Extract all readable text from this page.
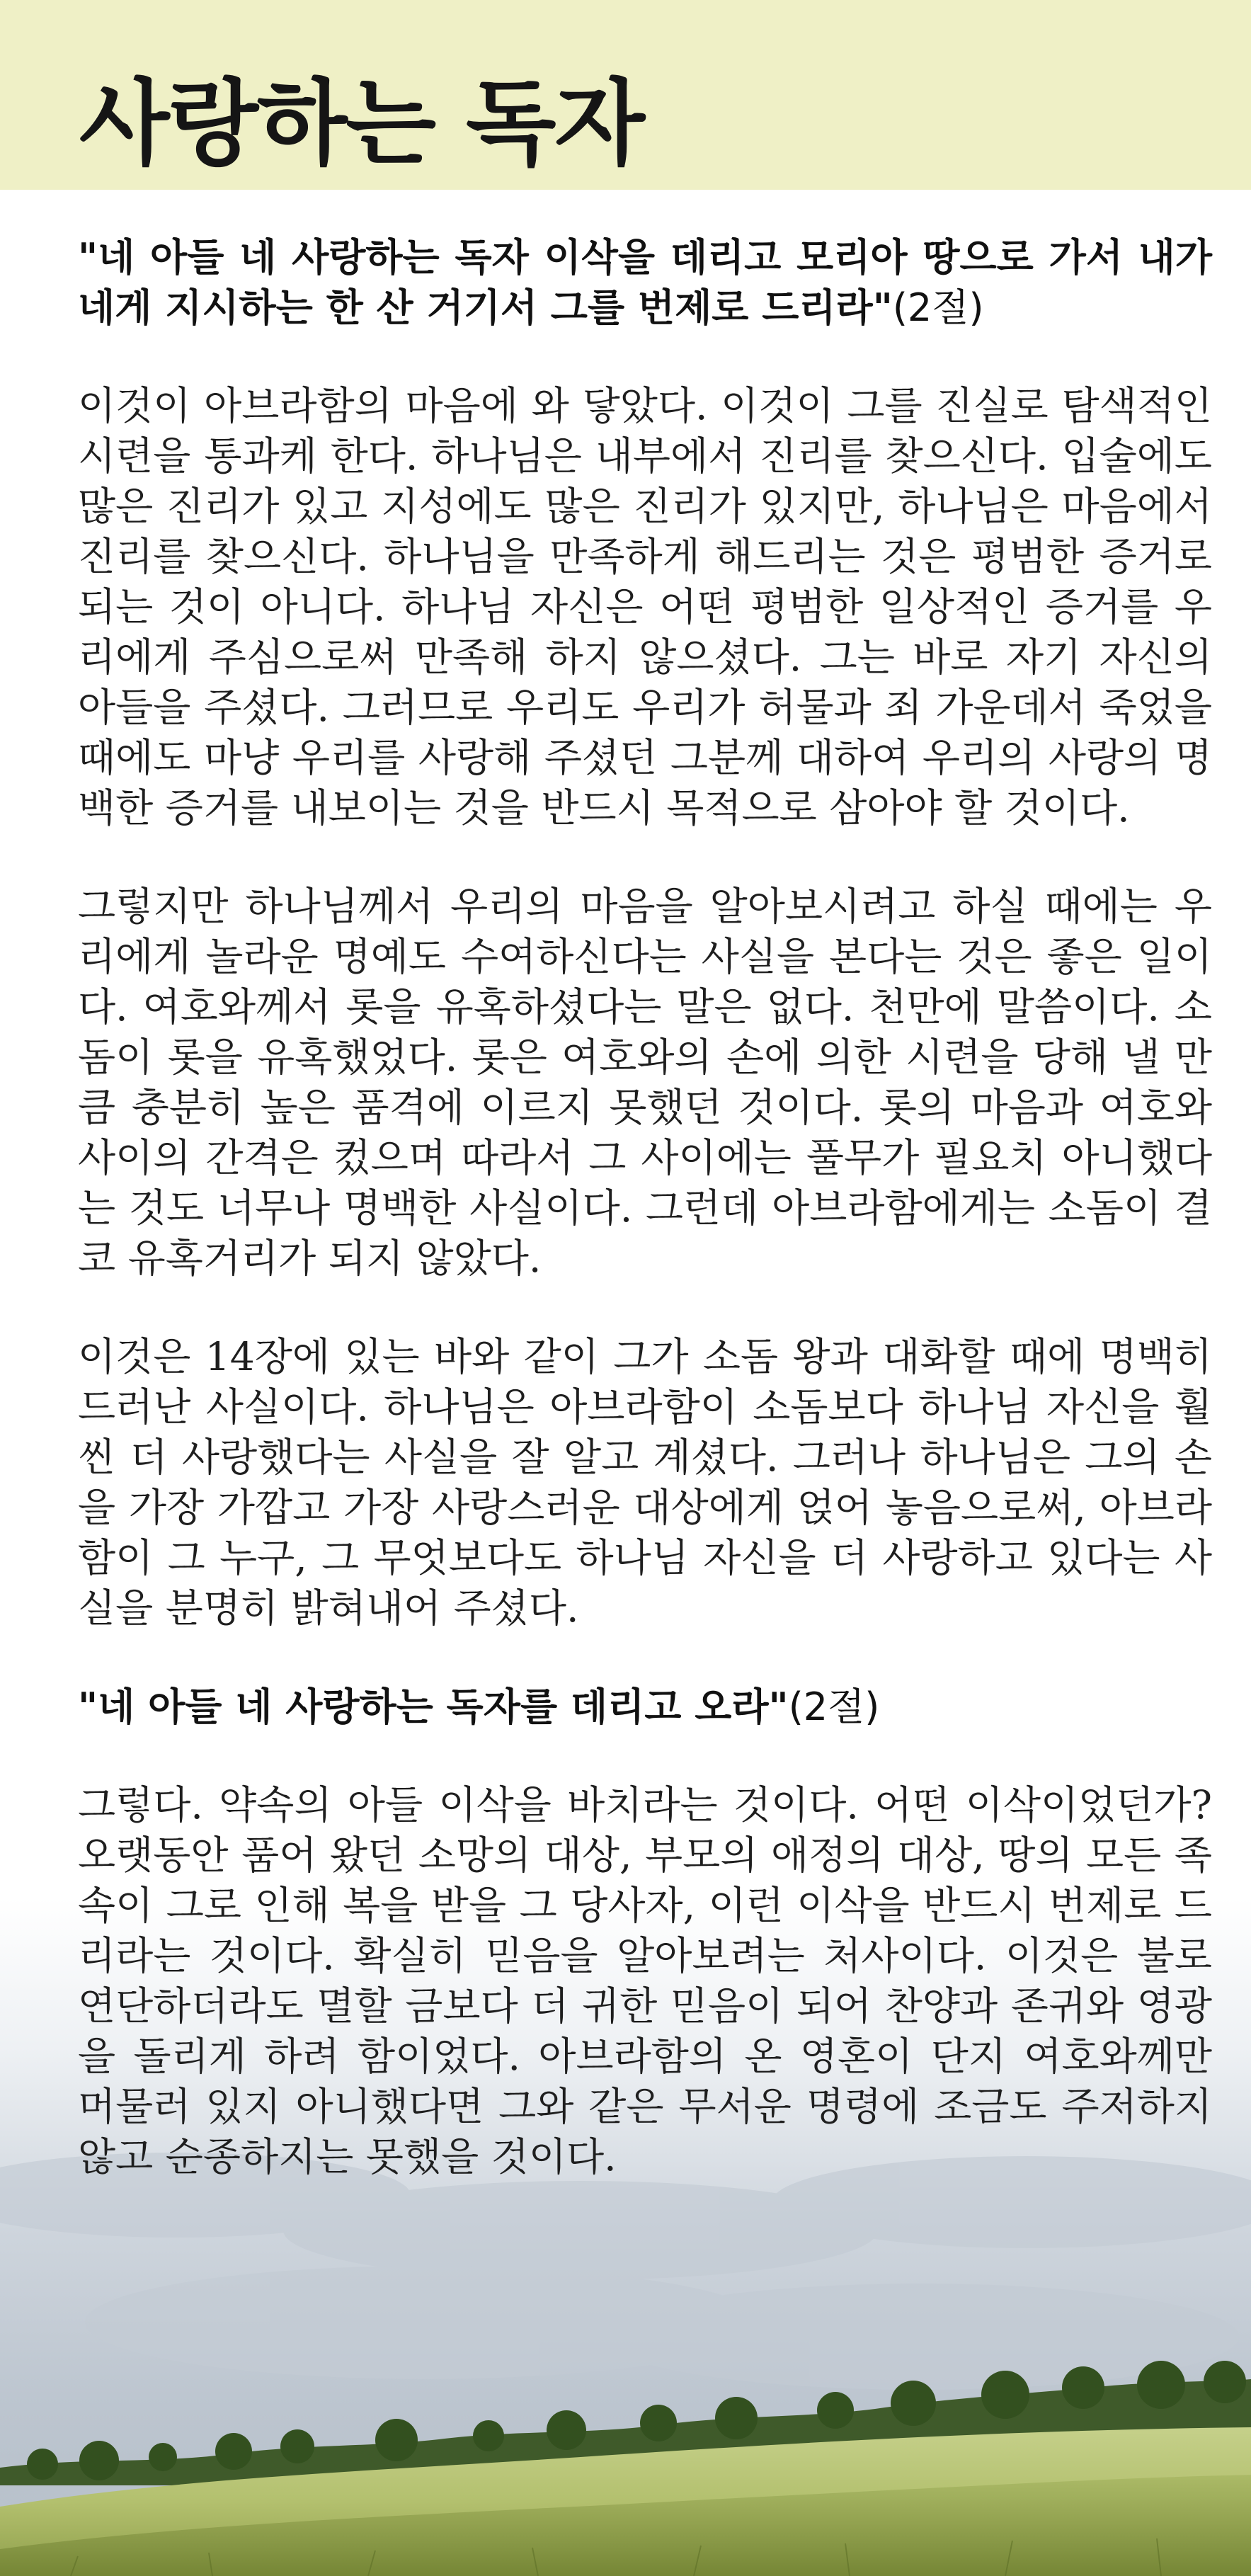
사랑하는 독자

"네 아들 네 사랑하는 독자 이삭을 데리고 모리아 땅으로 가서 내가 네게 지시하는 한 산 거기서 그를 번제로 드리라"(2절)

이것이 아브라함의 마음에 와 닿았다. 이것이 그를 진실로 탐색적인 시련을 통과케 한다. 하나님은 내부에서 진리를 찾으신다. 입술에도 많은 진리가 있고 지성에도 많은 진리가 있지만, 하나님은 마음에서 진리를 찾으신다. 하나님을 만족하게 해드리는 것은 평범한 증거로 되는 것이 아니다. 하나님 자신은 어떤 평범한 일상적인 증거를 우리에게 주심으로써 만족해 하지 않으셨다. 그는 바로 자기 자신의 아들을 주셨다. 그러므로 우리도 우리가 허물과 죄 가운데서 죽었을 때에도 마냥 우리를 사랑해 주셨던 그분께 대하여 우리의 사랑의 명백한 증거를 내보이는 것을 반드시 목적으로 삼아야 할 것이다.

그렇지만 하나님께서 우리의 마음을 알아보시려고 하실 때에는 우리에게 놀라운 명예도 수여하신다는 사실을 본다는 것은 좋은 일이다. 여호와께서 롯을 유혹하셨다는 말은 없다. 천만에 말씀이다. 소돔이 롯을 유혹했었다. 롯은 여호와의 손에 의한 시련을 당해 낼 만큼 충분히 높은 품격에 이르지 못했던 것이다. 롯의 마음과 여호와 사이의 간격은 컸으며 따라서 그 사이에는 풀무가 필요치 아니했다는 것도 너무나 명백한 사실이다. 그런데 아브라함에게는 소돔이 결코 유혹거리가 되지 않았다.

이것은 14장에 있는 바와 같이 그가 소돔 왕과 대화할 때에 명백히 드러난 사실이다. 하나님은 아브라함이 소돔보다 하나님 자신을 훨씬 더 사랑했다는 사실을 잘 알고 계셨다. 그러나 하나님은 그의 손을 가장 가깝고 가장 사랑스러운 대상에게 얹어 놓음으로써, 아브라함이 그 누구, 그 무엇보다도 하나님 자신을 더 사랑하고 있다는 사실을 분명히 밝혀내어 주셨다.

"네 아들 네 사랑하는 독자를 데리고 오라"(2절)

그렇다. 약속의 아들 이삭을 바치라는 것이다. 어떤 이삭이었던가? 오랫동안 품어 왔던 소망의 대상, 부모의 애정의 대상, 땅의 모든 족속이 그로 인해 복을 받을 그 당사자, 이런 이삭을 반드시 번제로 드리라는 것이다. 확실히 믿음을 알아보려는 처사이다. 이것은 불로 연단하더라도 멸할 금보다 더 귀한 믿음이 되어 찬양과 존귀와 영광을 돌리게 하려 함이었다. 아브라함의 온 영혼이 단지 여호와께만 머물러 있지 아니했다면 그와 같은 무서운 명령에 조금도 주저하지 않고 순종하지는 못했을 것이다.
